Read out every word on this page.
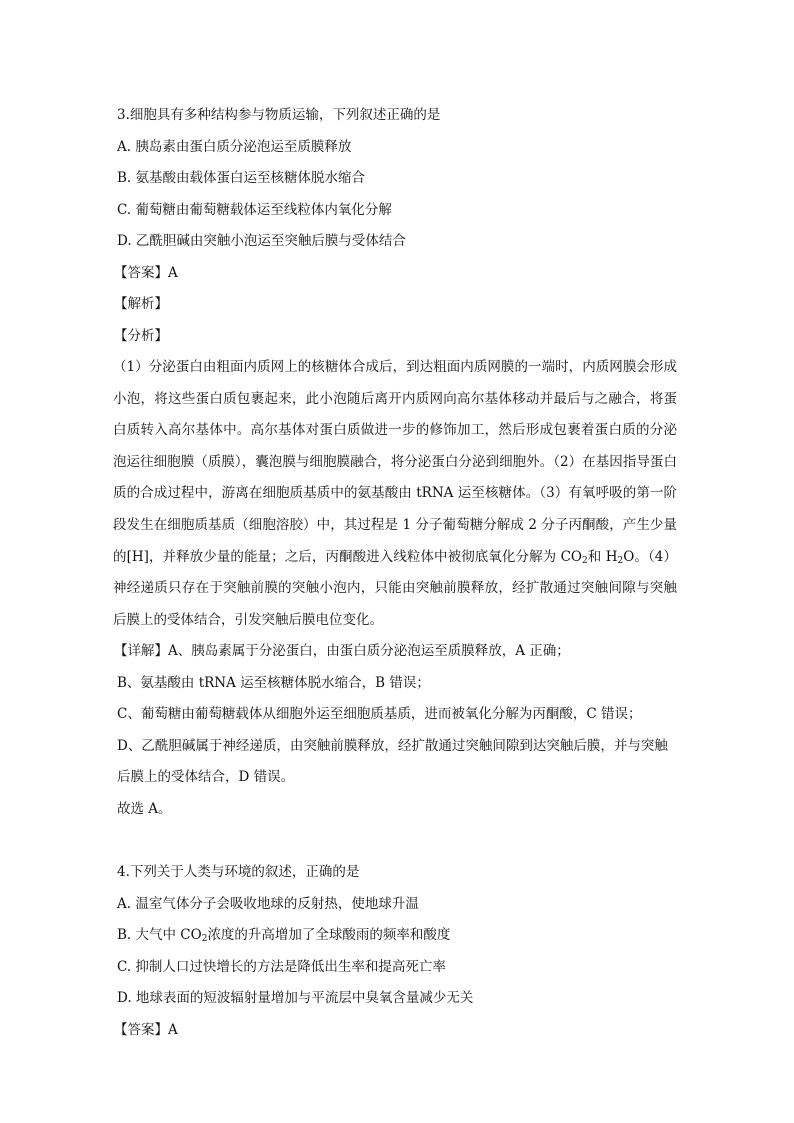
3.细胞具有多种结构参与物质运输，下列叙述正确的是
A. 胰岛素由蛋白质分泌泡运至质膜释放
B. 氨基酸由载体蛋白运至核糖体脱水缩合
C. 葡萄糖由葡萄糖载体运至线粒体内氧化分解
D. 乙酰胆碱由突触小泡运至突触后膜与受体结合
【答案】A
【解析】
【分析】
（1）分泌蛋白由粗面内质网上的核糖体合成后，到达粗面内质网膜的一端时，内质网膜会形成小泡，将这些蛋白质包裹起来，此小泡随后离开内质网向高尔基体移动并最后与之融合，将蛋白质转入高尔基体中。高尔基体对蛋白质做进一步的修饰加工，然后形成包裹着蛋白质的分泌泡运往细胞膜（质膜），囊泡膜与细胞膜融合，将分泌蛋白分泌到细胞外。（2）在基因指导蛋白质的合成过程中，游离在细胞质基质中的氨基酸由 tRNA 运至核糖体。（3）有氧呼吸的第一阶段发生在细胞质基质（细胞溶胶）中，其过程是 1 分子葡萄糖分解成 2 分子丙酮酸，产生少量的[H]，并释放少量的能量；之后，丙酮酸进入线粒体中被彻底氧化分解为 $CO_2$和 $H_2O$。（4）神经递质只存在于突触前膜的突触小泡内，只能由突触前膜释放，经扩散通过突触间隙与突触后膜上的受体结合，引发突触后膜电位变化。
【详解】A、胰岛素属于分泌蛋白，由蛋白质分泌泡运至质膜释放，A 正确；
B、氨基酸由 tRNA 运至核糖体脱水缩合，B 错误；
C、葡萄糖由葡萄糖载体从细胞外运至细胞质基质，进而被氧化分解为丙酮酸，C 错误；
D、乙酰胆碱属于神经递质，由突触前膜释放，经扩散通过突触间隙到达突触后膜，并与突触
后膜上的受体结合，D 错误。
故选 A。
4.下列关于人类与环境的叙述，正确的是
A. 温室气体分子会吸收地球的反射热，使地球升温
B. 大气中 $CO_2$浓度的升高增加了全球酸雨的频率和酸度
C. 抑制人口过快增长的方法是降低出生率和提高死亡率
D. 地球表面的短波辐射量增加与平流层中臭氧含量减少无关
【答案】A
